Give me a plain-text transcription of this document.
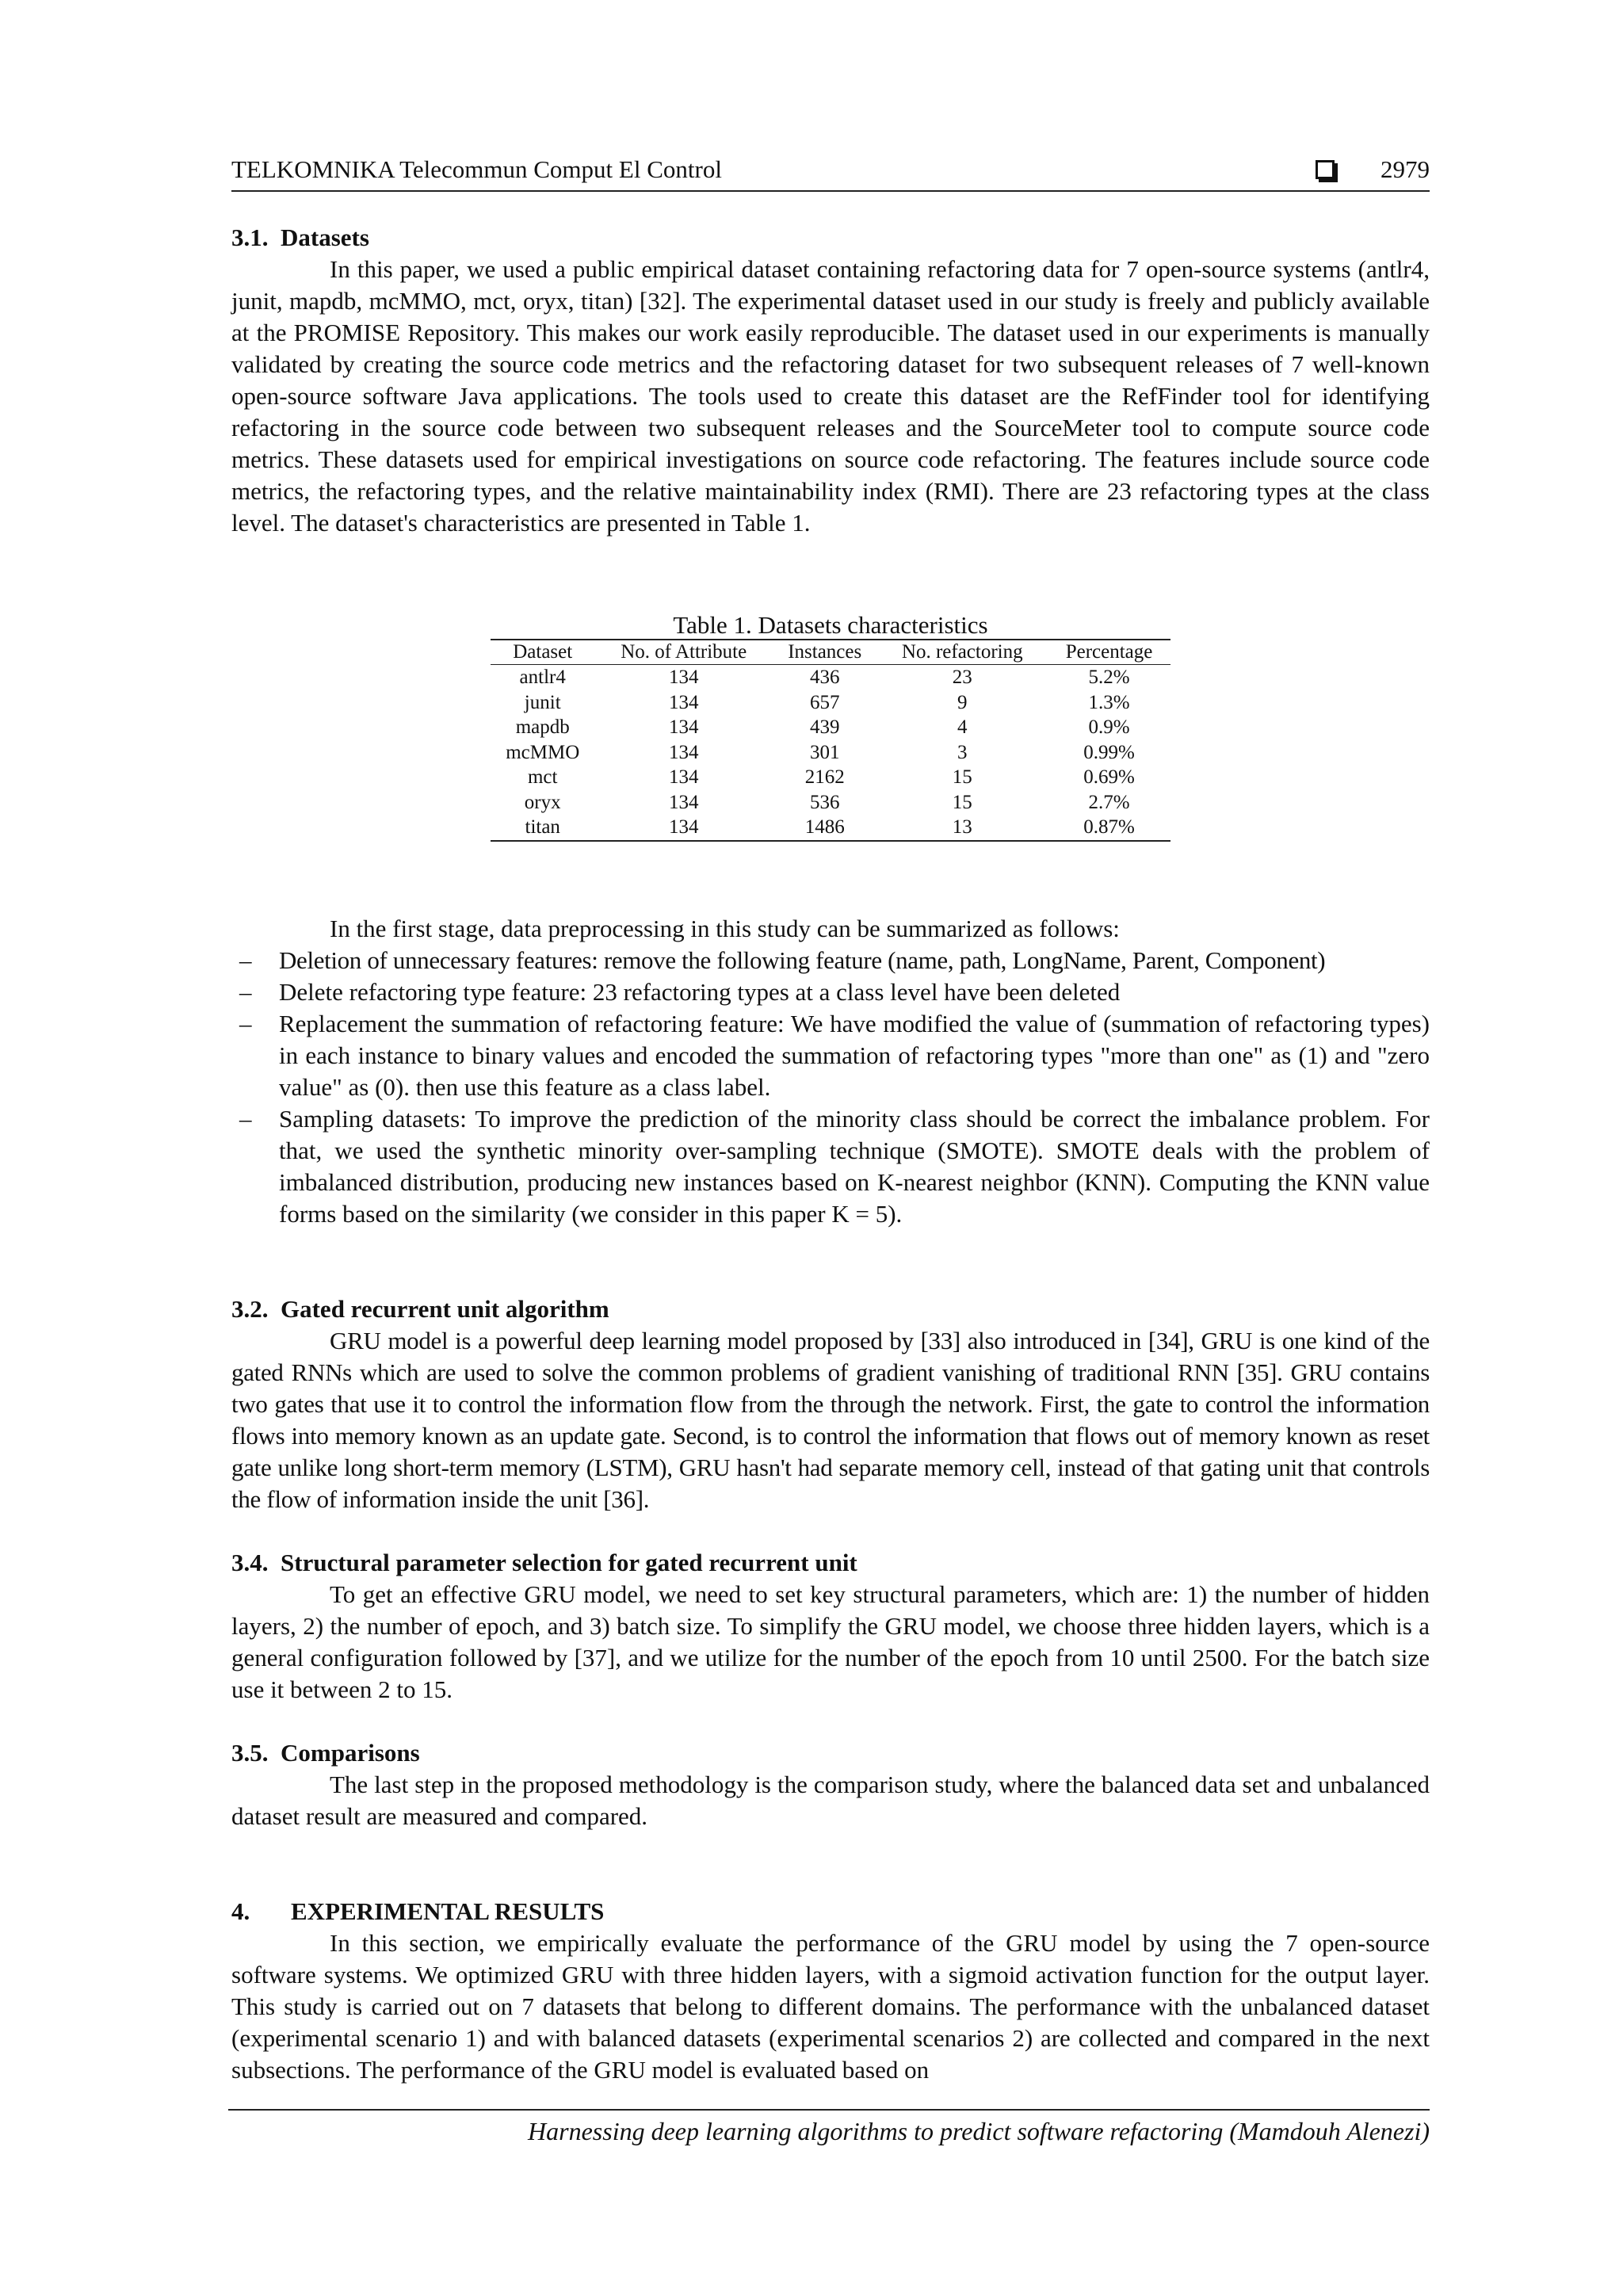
TELKOMNIKA Telecommun Comput El Control	2979
3.1. Datasets

In this paper, we used a public empirical dataset containing refactoring data for 7 open-source systems (antlr4, junit, mapdb, mcMMO, mct, oryx, titan) [32]. The experimental dataset used in our study is freely and publicly available at the PROMISE Repository. This makes our work easily reproducible. The dataset used in our experiments is manually validated by creating the source code metrics and the refactoring dataset for two subsequent releases of 7 well-known open-source software Java applications. The tools used to create this dataset are the RefFinder tool for identifying refactoring in the source code between two subsequent releases and the SourceMeter tool to compute source code metrics. These datasets used for empirical investigations on source code refactoring. The features include source code metrics, the refactoring types, and the relative maintainability index (RMI). There are 23 refactoring types at the class level. The dataset's characteristics are presented in Table 1.

Table 1. Datasets characteristics
Dataset	No. of Attribute	Instances	No. refactoring	Percentage
antlr4	134	436	23	5.2%
junit	134	657	9	1.3%
mapdb	134	439	4	0.9%
mcMMO	134	301	3	0.99%
mct	134	2162	15	0.69%
oryx	134	536	15	2.7%
titan	134	1486	13	0.87%

In the first stage, data preprocessing in this study can be summarized as follows:

– Deletion of unnecessary features: remove the following feature (name, path, LongName, Parent, Component)
– Delete refactoring type feature: 23 refactoring types at a class level have been deleted
– Replacement the summation of refactoring feature: We have modified the value of (summation of refactoring types) in each instance to binary values and encoded the summation of refactoring types "more than one" as (1) and "zero value" as (0). then use this feature as a class label.
– Sampling datasets: To improve the prediction of the minority class should be correct the imbalance problem. For that, we used the synthetic minority over-sampling technique (SMOTE). SMOTE deals with the problem of imbalanced distribution, producing new instances based on K-nearest neighbor (KNN). Computing the KNN value forms based on the similarity (we consider in this paper K = 5).
3.2. Gated recurrent unit algorithm

GRU model is a powerful deep learning model proposed by [33] also introduced in [34], GRU is one kind of the gated RNNs which are used to solve the common problems of gradient vanishing of traditional RNN [35]. GRU contains two gates that use it to control the information flow from the through the network. First, the gate to control the information flows into memory known as an update gate. Second, is to control the information that flows out of memory known as reset gate unlike long short-term memory (LSTM), GRU hasn't had separate memory cell, instead of that gating unit that controls the flow of information inside the unit [36].

3.4. Structural parameter selection for gated recurrent unit

To get an effective GRU model, we need to set key structural parameters, which are: 1) the number of hidden layers, 2) the number of epoch, and 3) batch size. To simplify the GRU model, we choose three hidden layers, which is a general configuration followed by [37], and we utilize for the number of the epoch from 10 until 2500. For the batch size use it between 2 to 15.

3.5. Comparisons

The last step in the proposed methodology is the comparison study, where the balanced data set and unbalanced dataset result are measured and compared.

4. EXPERIMENTAL RESULTS

In this section, we empirically evaluate the performance of the GRU model by using the 7 open-source software systems. We optimized GRU with three hidden layers, with a sigmoid activation function for the output layer. This study is carried out on 7 datasets that belong to different domains. The performance with the unbalanced dataset (experimental scenario 1) and with balanced datasets (experimental scenarios 2) are collected and compared in the next subsections. The performance of the GRU model is evaluated based on

Harnessing deep learning algorithms to predict software refactoring (Mamdouh Alenezi)
